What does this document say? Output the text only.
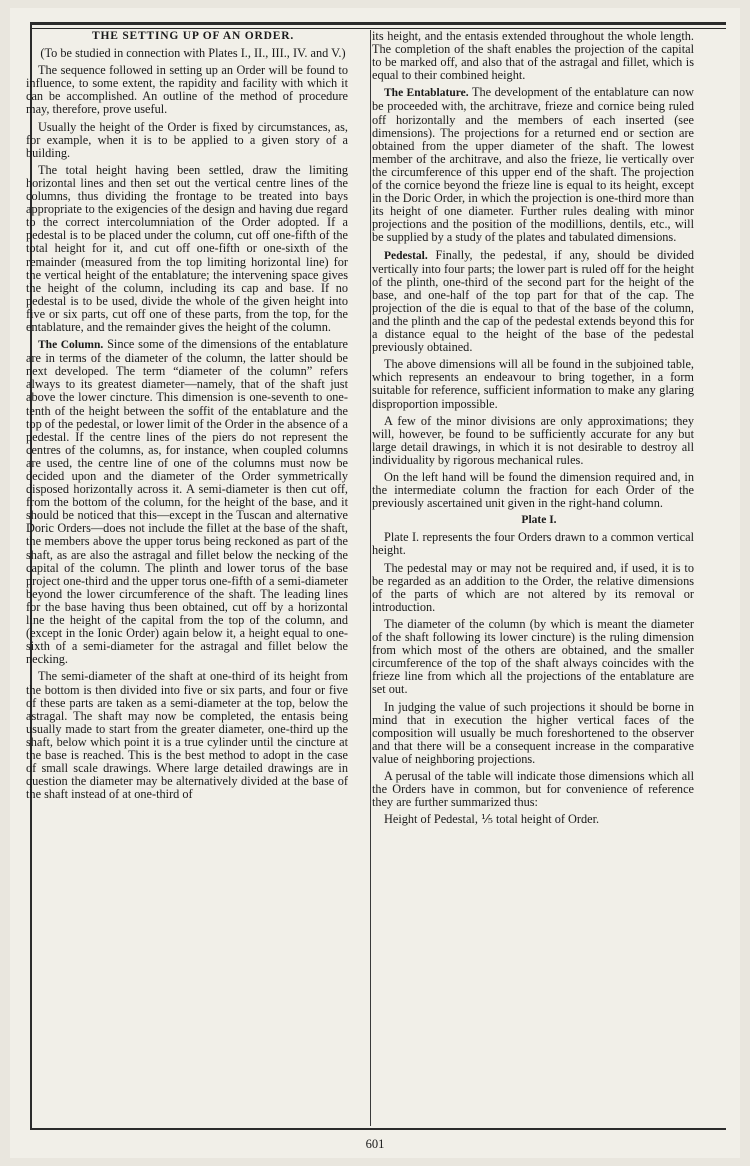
THE SETTING UP OF AN ORDER.

(To be studied in connection with Plates I., II., III., IV. and V.)

The sequence followed in setting up an Order will be found to influence, to some extent, the rapidity and facility with which it can be accomplished. An outline of the method of procedure may, therefore, prove useful.

Usually the height of the Order is fixed by circumstances, as, for example, when it is to be applied to a given story of a building.

The total height having been settled, draw the limiting horizontal lines and then set out the vertical centre lines of the columns, thus dividing the frontage to be treated into bays appropriate to the exigencies of the design and having due regard to the correct intercolumniation of the Order adopted. If a pedestal is to be placed under the column, cut off one-fifth of the total height for it, and cut off one-fifth or one-sixth of the remainder (measured from the top limiting horizontal line) for the vertical height of the entablature; the intervening space gives the height of the column, including its cap and base. If no pedestal is to be used, divide the whole of the given height into five or six parts, cut off one of these parts, from the top, for the entablature, and the remainder gives the height of the column.

The Column. Since some of the dimensions of the entablature are in terms of the diameter of the column, the latter should be next developed. The term “diameter of the column” refers always to its greatest diameter—namely, that of the shaft just above the lower cincture. This dimension is one-seventh to one-tenth of the height between the soffit of the entablature and the top of the pedestal, or lower limit of the Order in the absence of a pedestal. If the centre lines of the piers do not represent the centres of the columns, as, for instance, when coupled columns are used, the centre line of one of the columns must now be decided upon and the diameter of the Order symmetrically disposed horizontally across it. A semi-diameter is then cut off, from the bottom of the column, for the height of the base, and it should be noticed that this—except in the Tuscan and alternative Doric Orders—does not include the fillet at the base of the shaft, the members above the upper torus being reckoned as part of the shaft, as are also the astragal and fillet below the necking of the capital of the column. The plinth and lower torus of the base project one-third and the upper torus one-fifth of a semi-diameter beyond the lower circumference of the shaft. The leading lines for the base having thus been obtained, cut off by a horizontal line the height of the capital from the top of the column, and (except in the Ionic Order) again below it, a height equal to one-sixth of a semi-diameter for the astragal and fillet below the necking.

The semi-diameter of the shaft at one-third of its height from the bottom is then divided into five or six parts, and four or five of these parts are taken as a semi-diameter at the top, below the astragal. The shaft may now be completed, the entasis being usually made to start from the greater diameter, one-third up the shaft, below which point it is a true cylinder until the cincture at the base is reached. This is the best method to adopt in the case of small scale drawings. Where large detailed drawings are in question the diameter may be alternatively divided at the base of the shaft instead of at one-third of

its height, and the entasis extended throughout the whole length. The completion of the shaft enables the projection of the capital to be marked off, and also that of the astragal and fillet, which is equal to their combined height.

The Entablature. The development of the entablature can now be proceeded with, the architrave, frieze and cornice being ruled off horizontally and the members of each inserted (see dimensions). The projections for a returned end or section are obtained from the upper diameter of the shaft. The lowest member of the architrave, and also the frieze, lie vertically over the circumference of this upper end of the shaft. The projection of the cornice beyond the frieze line is equal to its height, except in the Doric Order, in which the projection is one-third more than its height of one diameter. Further rules dealing with minor projections and the position of the modillions, dentils, etc., will be supplied by a study of the plates and tabulated dimensions.

Pedestal. Finally, the pedestal, if any, should be divided vertically into four parts; the lower part is ruled off for the height of the plinth, one-third of the second part for the height of the base, and one-half of the top part for that of the cap. The projection of the die is equal to that of the base of the column, and the plinth and the cap of the pedestal extends beyond this for a distance equal to the height of the base of the pedestal previously obtained.

The above dimensions will all be found in the subjoined table, which represents an endeavour to bring together, in a form suitable for reference, sufficient information to make any glaring disproportion impossible.

A few of the minor divisions are only approximations; they will, however, be found to be sufficiently accurate for any but large detail drawings, in which it is not desirable to destroy all individuality by rigorous mechanical rules.

On the left hand will be found the dimension required and, in the intermediate column the fraction for each Order of the previously ascertained unit given in the right-hand column.

Plate I.

Plate I. represents the four Orders drawn to a common vertical height.

The pedestal may or may not be required and, if used, it is to be regarded as an addition to the Order, the relative dimensions of the parts of which are not altered by its removal or introduction.

The diameter of the column (by which is meant the diameter of the shaft following its lower cincture) is the ruling dimension from which most of the others are obtained, and the smaller circumference of the top of the shaft always coincides with the frieze line from which all the projections of the entablature are set out.

In judging the value of such projections it should be borne in mind that in execution the higher vertical faces of the composition will usually be much foreshortened to the observer and that there will be a consequent increase in the comparative value of neighboring projections.

A perusal of the table will indicate those dimensions which all the Orders have in common, but for convenience of reference they are further summarized thus:

Height of Pedestal, ⅕ total height of Order.

601
